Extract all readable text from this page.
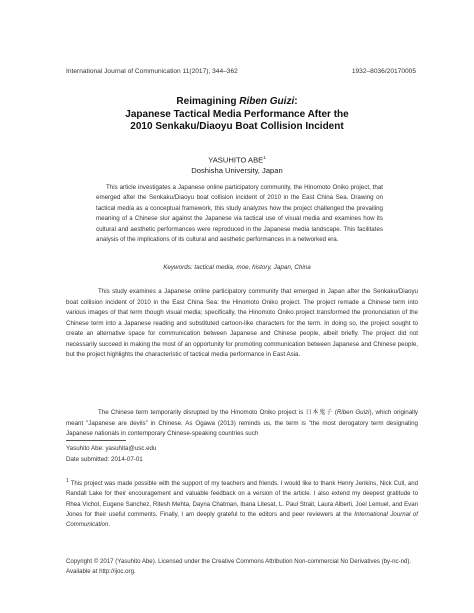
International Journal of Communication 11(2017), 344–362	1932–8036/20170005
Reimagining Riben Guizi:
Japanese Tactical Media Performance After the
2010 Senkaku/Diaoyu Boat Collision Incident
YASUHITO ABE$^1$
Doshisha University, Japan

This article investigates a Japanese online participatory community, the Hinomoto Oniko project, that emerged after the Senkaku/Diaoyu boat collision incident of 2010 in the East China Sea. Drawing on tactical media as a conceptual framework, this study analyzes how the project challenged the prevailing meaning of a Chinese slur against the Japanese via tactical use of visual media and examines how its cultural and aesthetic performances were reproduced in the Japanese media landscape. This facilitates analysis of the implications of its cultural and aesthetic performances in a networked era.

Keywords: tactical media, moe, history, Japan, China

This study examines a Japanese online participatory community that emerged in Japan after the Senkaku/Diaoyu boat collision incident of 2010 in the East China Sea: the Hinomoto Oniko project. The project remade a Chinese term into various images of that term though visual media; specifically, the Hinomoto Oniko project transformed the pronunciation of the Chinese term into a Japanese reading and substituted cartoon-like characters for the term. In doing so, the project sought to create an alternative space for communication between Japanese and Chinese people, albeit briefly. The project did not necessarily succeed in making the most of an opportunity for promoting communication between Japanese and Chinese people, but the project highlights the characteristic of tactical media performance in East Asia.

The Chinese term temporarily disrupted by the Hinomoto Oniko project is 日本鬼子 (Riben Guizi), which originally meant "Japanese are devils" in Chinese. As Ogawa (2013) reminds us, the term is "the most derogatory term designating Japanese nationals in contemporary Chinese-speaking countries such

Yasuhito Abe: yasuhita@usc.edu
Date submitted: 2014-07-01

$^1$ This project was made possible with the support of my teachers and friends. I would like to thank Henry Jenkins, Nick Cull, and Randall Lake for their encouragement and valuable feedback on a version of the article. I also extend my deepest gratitude to Rhea Vichot, Eugene Sanchez, Ritesh Mehta, Dayna Chatman, Ibana Litesat, L. Paul Strait, Laura Alberti, Joel Lemuel, and Evan Jones for their useful comments. Finally, I am deeply grateful to the editors and peer reviewers at the International Journal of Communication.

Copyright © 2017 (Yasuhito Abe). Licensed under the Creative Commons Attribution Non-commercial No Derivatives (by-nc-nd). Available at http://ijoc.org.
